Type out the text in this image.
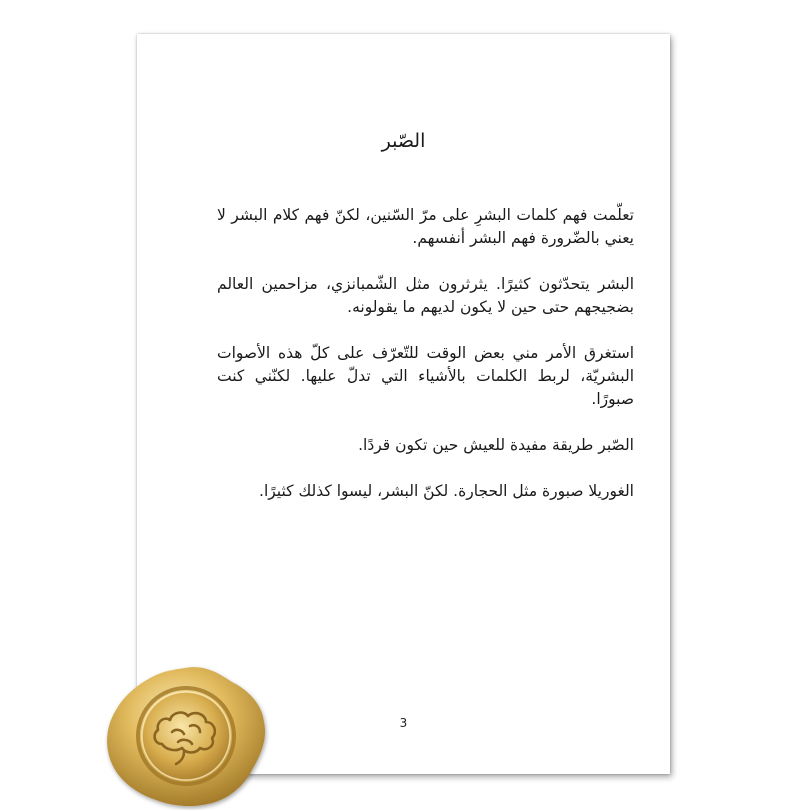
الصّبر

تعلّمت فهم كلمات البشرِ على مرّ السّنين، لكنّ فهم كلام البشر لا يعني بالضّرورة فهم البشر أنفسهم.

البشر يتحدّثون كثيرًا. يثرثرون مثل الشّمبانزي، مزاحمين العالم بضجيجهم حتى حين لا يكون لديهم ما يقولونه.

استغرق الأمر مني بعض الوقت للتّعرّف على كلّ هذه الأصوات البشريّة، لربط الكلمات بالأشياء التي تدلّ عليها. لكنّني كنت صبورًا.

الصّبر طريقة مفيدة للعيش حين تكون قردًا.

الغوريلا صبورة مثل الحجارة. لكنّ البشر، ليسوا كذلك كثيرًا.

3
